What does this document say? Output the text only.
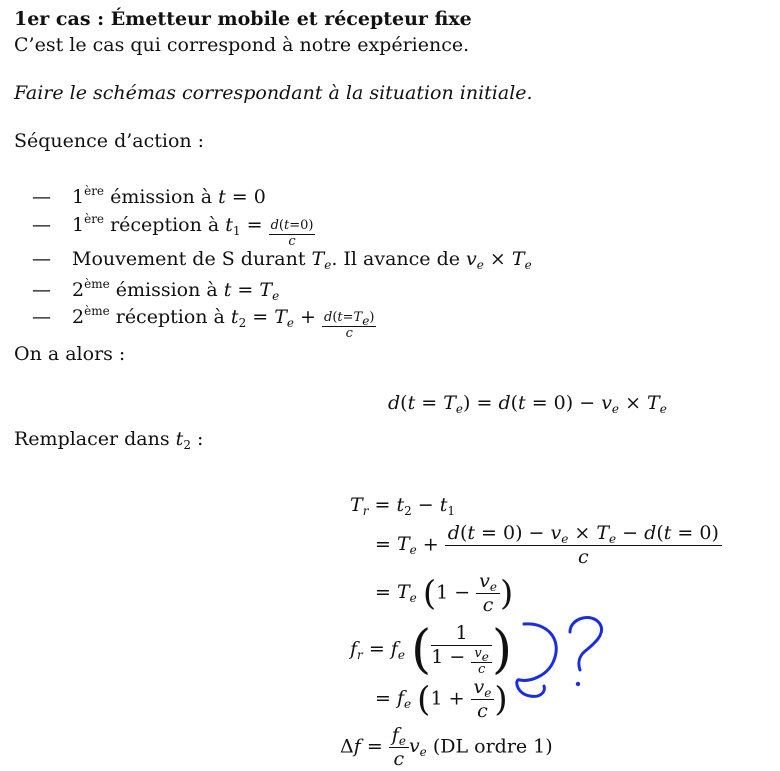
1er cas : Émetteur mobile et récepteur fixe
C’est le cas qui correspond à notre expérience.
Faire le schémas correspondant à la situation initiale.
Séquence d’action :
— 1ère émission à t = 0
— 1ère réception à $t_1 = \frac{d(t=0)}{c}$
— Mouvement de S durant $T_e$. Il avance de $v_e \times T_e$
— 2ème émission à $t = T_e$
— 2ème réception à $t_2 = T_e + \frac{d(t=T_e)}{c}$
On a alors :
$d(t = T_e) = d(t = 0) - v_e \times T_e$
Remplacer dans $t_2$ :
$T_r = t_2 - t_1$
= $T_e + \frac{d(t = 0) - v_e \times T_e - d(t = 0)}{c}$
= $T_e$ ($1 - \frac{v_e}{c}$ )
$f_r = f_e$ ( $\frac{1}{1 - \frac{v_e}{c}}$ )
= $f_e$ ($1 + \frac{v_e}{c}$ )
$\Delta f = \frac{f_e}{c} v_e$ (DL ordre 1)
